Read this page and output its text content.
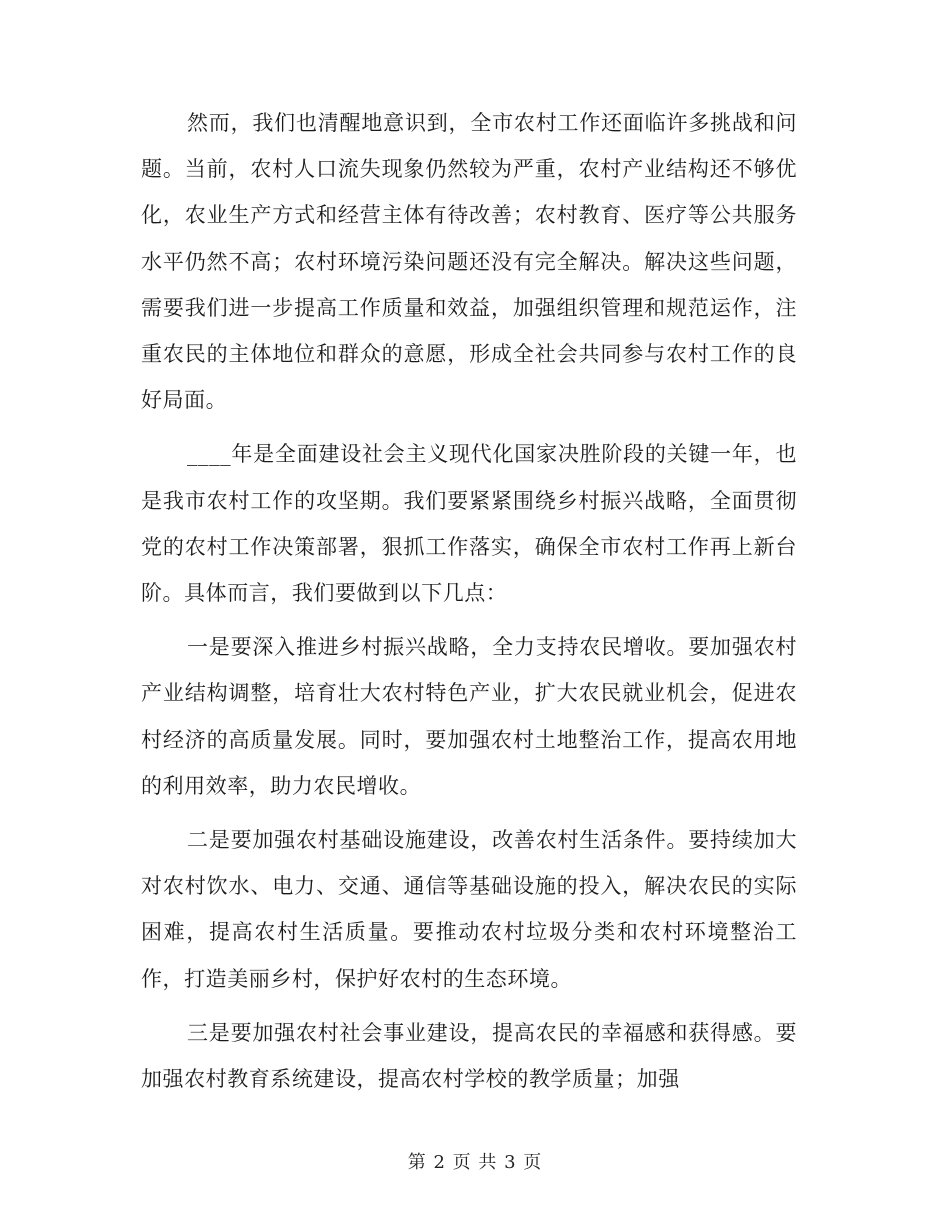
然而，我们也清醒地意识到，全市农村工作还面临许多挑战和问题。当前，农村人口流失现象仍然较为严重，农村产业结构还不够优化，农业生产方式和经营主体有待改善；农村教育、医疗等公共服务水平仍然不高；农村环境污染问题还没有完全解决。解决这些问题，需要我们进一步提高工作质量和效益，加强组织管理和规范运作，注重农民的主体地位和群众的意愿，形成全社会共同参与农村工作的良好局面。

____年是全面建设社会主义现代化国家决胜阶段的关键一年，也是我市农村工作的攻坚期。我们要紧紧围绕乡村振兴战略，全面贯彻党的农村工作决策部署，狠抓工作落实，确保全市农村工作再上新台阶。具体而言，我们要做到以下几点：

一是要深入推进乡村振兴战略，全力支持农民增收。要加强农村产业结构调整，培育壮大农村特色产业，扩大农民就业机会，促进农村经济的高质量发展。同时，要加强农村土地整治工作，提高农用地的利用效率，助力农民增收。

二是要加强农村基础设施建设，改善农村生活条件。要持续加大对农村饮水、电力、交通、通信等基础设施的投入，解决农民的实际困难，提高农村生活质量。要推动农村垃圾分类和农村环境整治工作，打造美丽乡村，保护好农村的生态环境。

三是要加强农村社会事业建设，提高农民的幸福感和获得感。要加强农村教育系统建设，提高农村学校的教学质量；加强

第 2 页 共 3 页
